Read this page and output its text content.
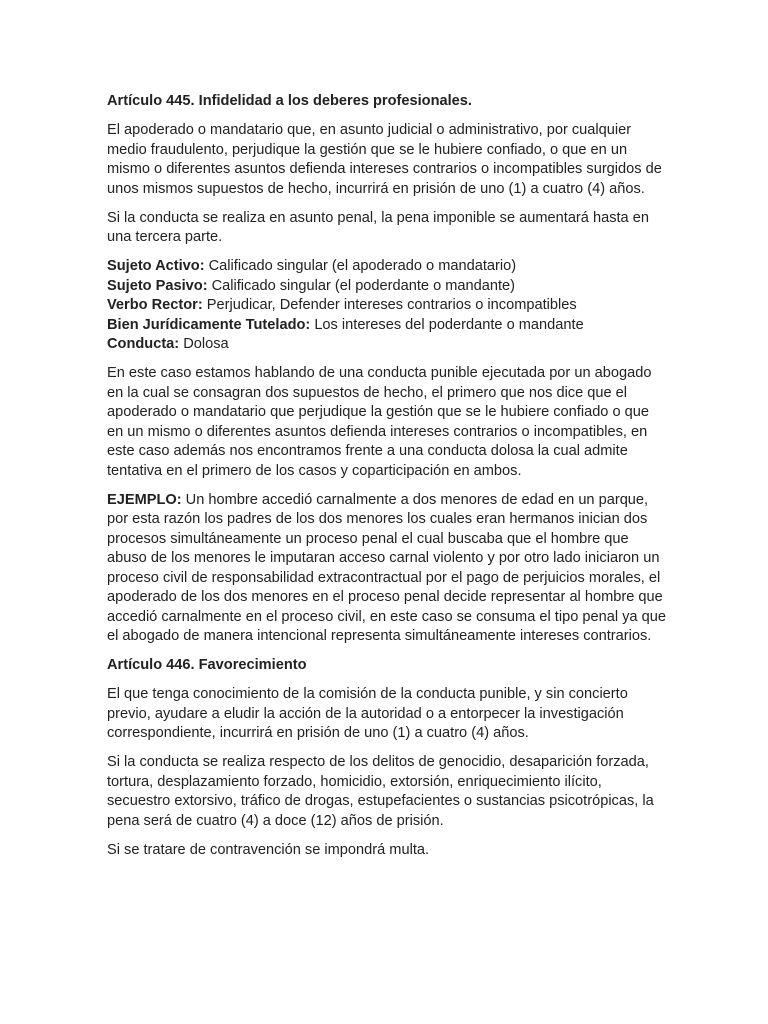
Artículo 445. Infidelidad a los deberes profesionales.

El apoderado o mandatario que, en asunto judicial o administrativo, por cualquier medio fraudulento, perjudique la gestión que se le hubiere confiado, o que en un mismo o diferentes asuntos defienda intereses contrarios o incompatibles surgidos de unos mismos supuestos de hecho, incurrirá en prisión de uno (1) a cuatro (4) años.

Si la conducta se realiza en asunto penal, la pena imponible se aumentará hasta en una tercera parte.

Sujeto Activo: Calificado singular (el apoderado o mandatario)

Sujeto Pasivo: Calificado singular (el poderdante o mandante)

Verbo Rector: Perjudicar, Defender intereses contrarios o incompatibles

Bien Jurídicamente Tutelado: Los intereses del poderdante o mandante

Conducta: Dolosa

En este caso estamos hablando de una conducta punible ejecutada por un abogado en la cual se consagran dos supuestos de hecho, el primero que nos dice que el apoderado o mandatario que perjudique la gestión que se le hubiere confiado o que en un mismo o diferentes asuntos defienda intereses contrarios o incompatibles, en este caso además nos encontramos frente a una conducta dolosa la cual admite tentativa en el primero de los casos y coparticipación en ambos.

EJEMPLO: Un hombre accedió carnalmente a dos menores de edad en un parque, por esta razón los padres de los dos menores los cuales eran hermanos inician dos procesos simultáneamente un proceso penal el cual buscaba que el hombre que abuso de los menores le imputaran acceso carnal violento y por otro lado iniciaron un proceso civil de responsabilidad extracontractual por el pago de perjuicios morales, el apoderado de los dos menores en el proceso penal decide representar al hombre que accedió carnalmente en el proceso civil, en este caso se consuma el tipo penal ya que el abogado de manera intencional representa simultáneamente intereses contrarios.

Artículo 446. Favorecimiento

El que tenga conocimiento de la comisión de la conducta punible, y sin concierto previo, ayudare a eludir la acción de la autoridad o a entorpecer la investigación correspondiente, incurrirá en prisión de uno (1) a cuatro (4) años.

Si la conducta se realiza respecto de los delitos de genocidio, desaparición forzada, tortura, desplazamiento forzado, homicidio, extorsión, enriquecimiento ilícito, secuestro extorsivo, tráfico de drogas, estupefacientes o sustancias psicotrópicas, la pena será de cuatro (4) a doce (12) años de prisión.

Si se tratare de contravención se impondrá multa.
